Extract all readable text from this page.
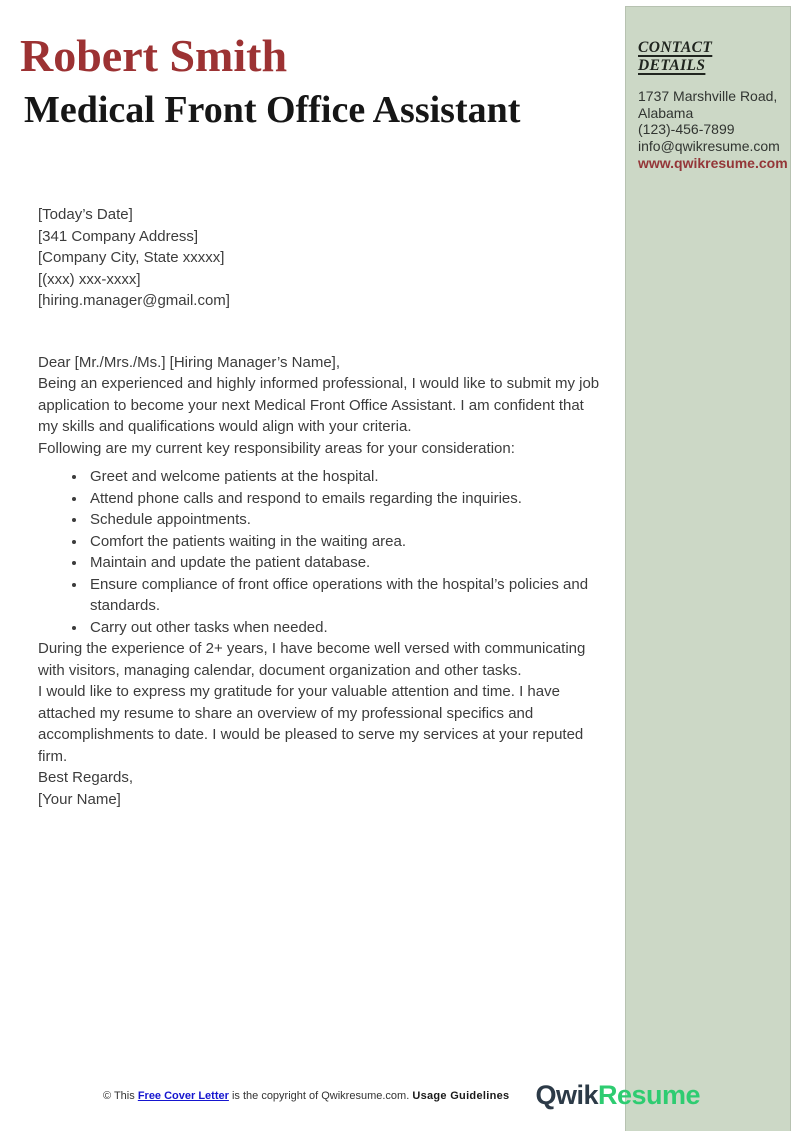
CONTACT DETAILS
1737 Marshville Road,
Alabama
(123)-456-7899
info@qwikresume.com
www.qwikresume.com
Robert Smith
Medical Front Office Assistant

[Today’s Date]

[341 Company Address]
[Company City, State xxxxx]
[(xxx) xxx-xxxx]
[hiring.manager@gmail.com]

Dear [Mr./Mrs./Ms.] [Hiring Manager’s Name],

Being an experienced and highly informed professional, I would like to submit my job application to become your next Medical Front Office Assistant. I am confident that my skills and qualifications would align with your criteria.

Following are my current key responsibility areas for your consideration:

• Greet and welcome patients at the hospital.
• Attend phone calls and respond to emails regarding the inquiries.
• Schedule appointments.
• Comfort the patients waiting in the waiting area.
• Maintain and update the patient database.
• Ensure compliance of front office operations with the hospital’s policies and standards.
• Carry out other tasks when needed.

During the experience of 2+ years, I have become well versed with communicating with visitors, managing calendar, document organization and other tasks.

I would like to express my gratitude for your valuable attention and time. I have attached my resume to share an overview of my professional specifics and accomplishments to date. I would be pleased to serve my services at your reputed firm.

Best Regards,

[Your Name]

© This Free Cover Letter is the copyright of Qwikresume.com. Usage Guidelines QwikResume
